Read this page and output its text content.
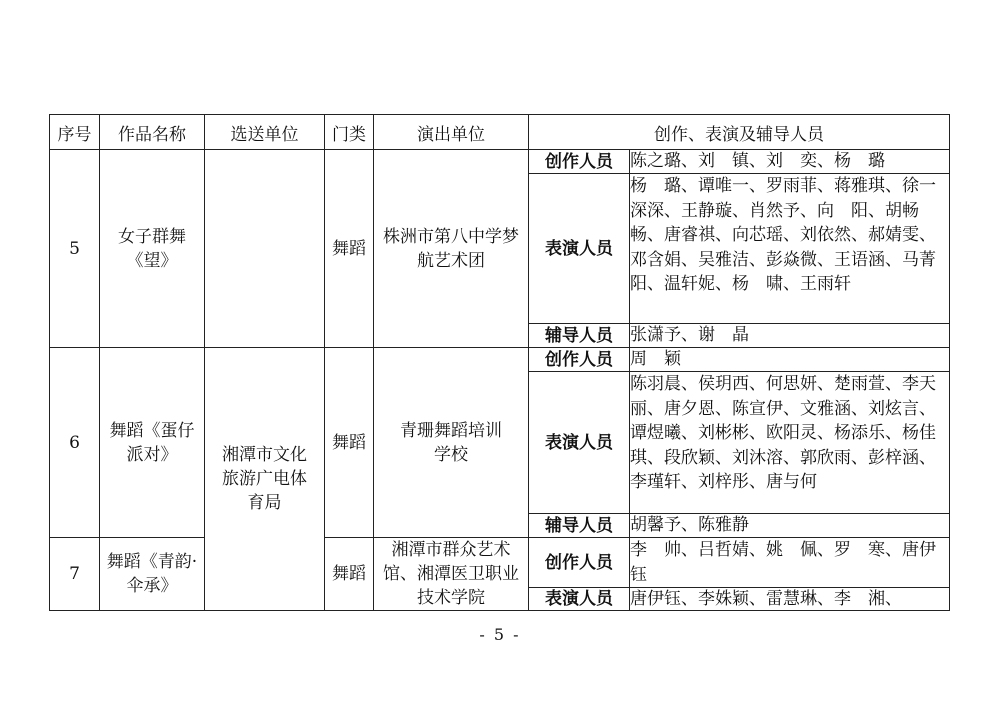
序号	作品名称	选送单位	门类	演出单位	创作、表演及辅导人员	
5	女子群舞《望》		舞蹈	株洲市第八中学梦航艺术团	创作人员	陈之璐、刘　镇、刘　奕、杨　璐
					表演人员	杨　璐、谭唯一、罗雨菲、蒋雅琪、徐一深深、王静璇、肖然予、向　阳、胡畅畅、唐睿祺、向芯瑶、刘依然、郝婧雯、邓含娟、吴雅洁、彭焱微、王语涵、马菁阳、温轩妮、杨　啸、王雨轩
					辅导人员	张潇予、谢　晶
6	舞蹈《蛋仔派对》	湘潭市文化旅游广电体育局	舞蹈	青珊舞蹈培训学校	创作人员	周　颖
					表演人员	陈羽晨、侯玥西、何思妍、楚雨萱、李天丽、唐夕恩、陈宣伊、文雅涵、刘炫言、谭煜曦、刘彬彬、欧阳灵、杨添乐、杨佳琪、段欣颖、刘沐溶、郭欣雨、彭梓涵、李瑾轩、刘梓彤、唐与何
					辅导人员	胡馨予、陈雅静
7	舞蹈《青韵·伞承》		舞蹈	湘潭市群众艺术馆、湘潭医卫职业技术学院	创作人员	李　帅、吕哲婧、姚　佩、罗　寒、唐伊钰
					表演人员	唐伊钰、李姝颖、雷慧琳、李　湘、
- 5 -
